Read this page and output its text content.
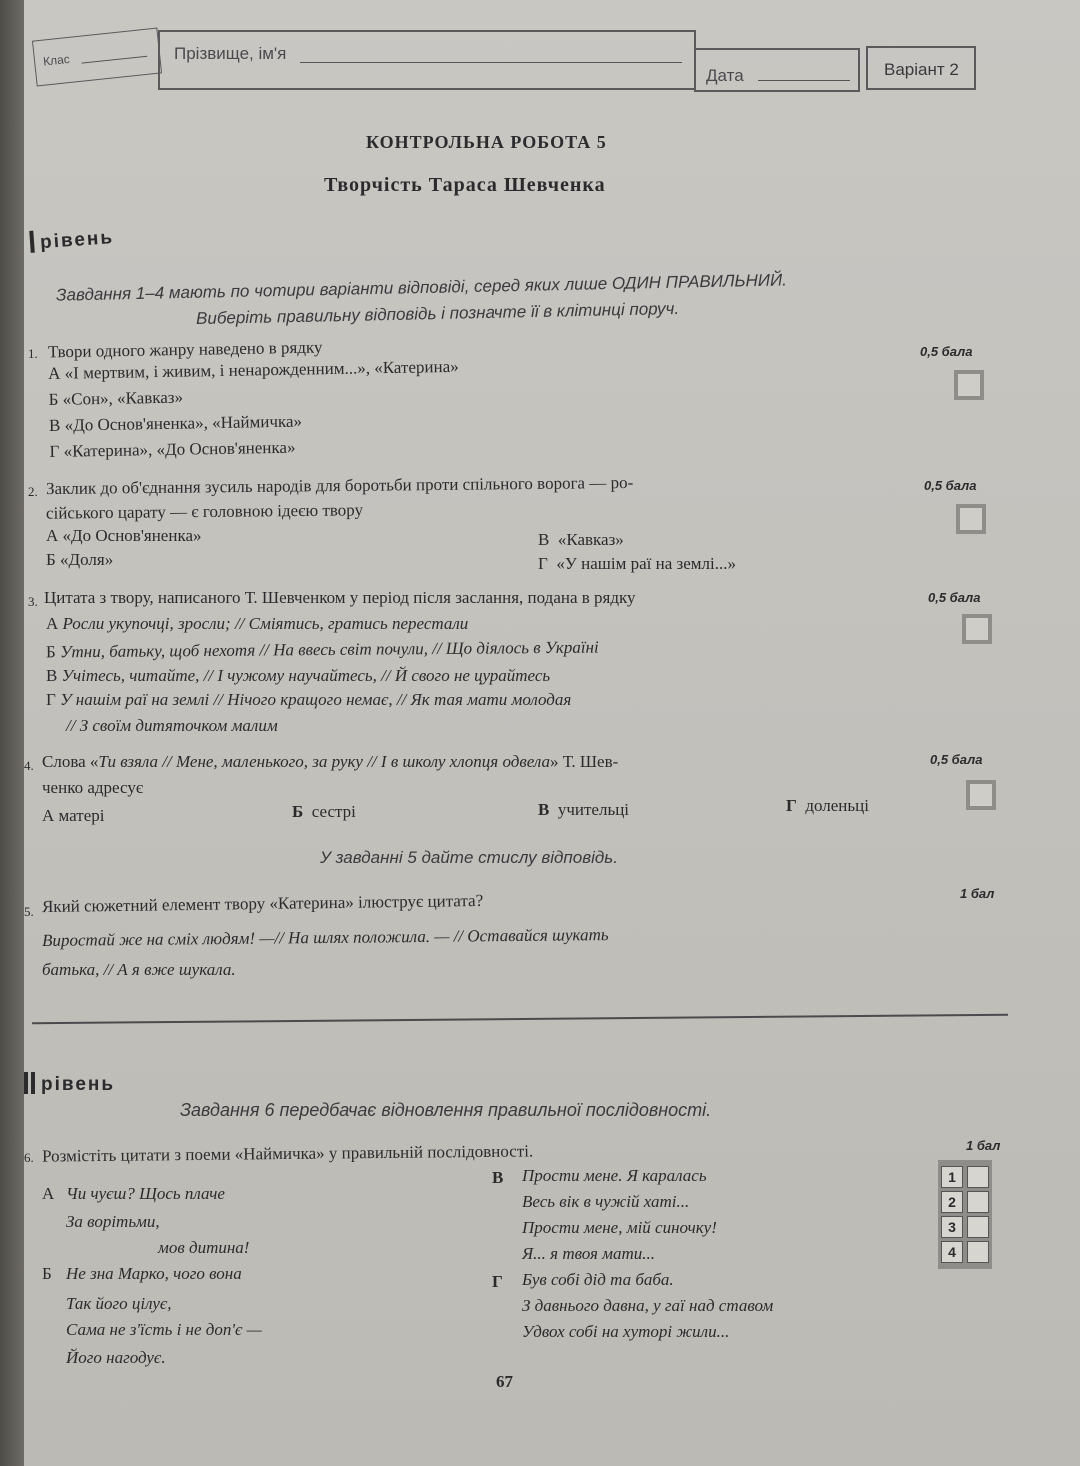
Клас	Прізвище, ім'я
Дата	Варіант 2
КОНТРОЛЬНА РОБОТА 5
Творчість Тараса Шевченка
рівень
Завдання 1–4 мають по чотири варіанти відповіді, серед яких лише ОДИН ПРАВИЛЬНИЙ.
Виберіть правильну відповідь і позначте її в клітинці поруч.
1. Твори одного жанру наведено в рядку	0,5 бала
А «І мертвим, і живим, і ненарожденним...», «Катерина»
Б «Сон», «Кавказ»
В «До Основ'яненка», «Наймичка»
Г «Катерина», «До Основ'яненка»
2. Заклик до об'єднання зусиль народів для боротьби проти спільного ворога — ро-
сійського царату — є головною ідеєю твору
0,5 бала
А «До Основ'яненка»
Б «Доля»
В «Кавказ»
Г «У нашім раї на землі...»
3. Цитата з твору, написаного Т. Шевченком у період після заслання, подана в рядку	0,5 бала
А Росли укупочці, зросли; // Сміятись, гратись перестали
Б Утни, батьку, щоб нехотя // На ввесь світ почули, // Що діялось в Україні
В Учітесь, читайте, // І чужому научайтесь, // Й свого не цурайтесь
Г У нашім раї на землі // Нічого кращого немає, // Як тая мати молодая
// З своїм дитяточком малим
4. Слова «Ти взяла // Мене, маленького, за руку // І в школу хлопця одвела» Т. Шев-
ченко адресує
0,5 бала
А матері	Б сестрі	В учительці	Г доленьці
У завданні 5 дайте стислу відповідь.
5. Який сюжетний елемент твору «Катерина» ілюструє цитата?	1 бал
Виростай же на сміх людям! —// На шлях положила. — // Оставайся шукать
батька, // А я вже шукала.
рівень
Завдання 6 передбачає відновлення правильної послідовності.
6. Розмістіть цитати з поеми «Наймичка» у правильній послідовності.	1 бал
А Чи чуєш? Щось плаче
За ворітьми,
мов дитина!
Б Не зна Марко, чого вона
Так його цілує,
Сама не з'їсть і не доп'є —
Його нагодує.
В Прости мене. Я каралась
Весь вік в чужій хаті...
Прости мене, мій синочку!
Я... я твоя мати...
Г Був собі дід та баба.
З давнього давна, у гаї над ставом
Удвох собі на хуторі жили...
1
2
3
4
67
